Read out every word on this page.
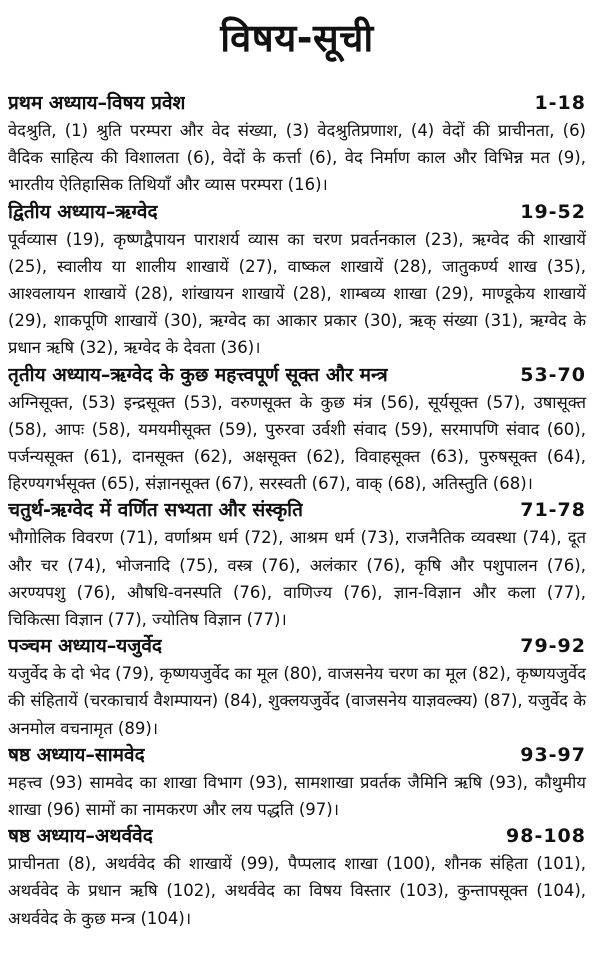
विषय-सूची
प्रथम अध्याय–विषय प्रवेश	1-18

वेदश्रुति, (1) श्रुति परम्परा और वेद संख्या, (3) वेदश्रुतिप्रणाश, (4) वेदों की प्राचीनता, (6) वैदिक साहित्य की विशालता (6), वेदों के कर्त्ता (6), वेद निर्माण काल और विभिन्न मत (9), भारतीय ऐतिहासिक तिथियाँ और व्यास परम्परा (16)।

द्वितीय अध्याय–ऋग्वेद	19-52

पूर्वव्यास (19), कृष्णद्वैपायन पाराशर्य व्यास का चरण प्रवर्तनकाल (23), ऋग्वेद की शाखायें (25), स्वालीय या शालीय शाखायें (27), वाष्कल शाखायें (28), जातुकर्ण्य शाख (35), आश्वलायन शाखायें (28), शांखायन शाखायें (28), शाम्बव्य शाखा (29), माण्डूकेय शाखायें (29), शाकपूणि शाखायें (30), ऋग्वेद का आकार प्रकार (30), ऋक् संख्या (31), ऋग्वेद के प्रधान ऋषि (32), ऋग्वेद के देवता (36)।

तृतीय अध्याय–ऋग्वेद के कुछ महत्त्वपूर्ण सूक्त और मन्त्र	53-70

अग्निसूक्त, (53) इन्द्रसूक्त (53), वरुणसूक्त के कुछ मंत्र (56), सूर्यसूक्त (57), उषासूक्त (58), आपः (58), यमयमीसूक्त (59), पुरुरवा उर्वशी संवाद (59), सरमापणि संवाद (60), पर्जन्यसूक्त (61), दानसूक्त (62), अक्षसूक्त (62), विवाहसूक्त (63), पुरुषसूक्त (64), हिरण्यगर्भसूक्त (65), संज्ञानसूक्त (67), सरस्वती (67), वाक् (68), अतिस्तुति (68)।

चतुर्थ-ऋग्वेद में वर्णित सभ्यता और संस्कृति	71-78

भौगोलिक विवरण (71), वर्णाश्रम धर्म (72), आश्रम धर्म (73), राजनैतिक व्यवस्था (74), दूत और चर (74), भोजनादि (75), वस्त्र (76), अलंकार (76), कृषि और पशुपालन (76), अरण्यपशु (76), औषधि-वनस्पति (76), वाणिज्य (76), ज्ञान-विज्ञान और कला (77), चिकित्सा विज्ञान (77), ज्योतिष विज्ञान (77)।

पञ्चम अध्याय–यजुर्वेद	79-92

यजुर्वेद के दो भेद (79), कृष्णयजुर्वेद का मूल (80), वाजसनेय चरण का मूल (82), कृष्णयजुर्वेद की संहितायें (चरकाचार्य वैशम्पायन) (84), शुक्लयजुर्वेद (वाजसनेय याज्ञवल्क्य) (87), यजुर्वेद के अनमोल वचनामृत (89)।

षष्ठ अध्याय–सामवेद	93-97

महत्त्व (93) सामवेद का शाखा विभाग (93), सामशाखा प्रवर्तक जैमिनि ऋषि (93), कौथुमीय शाखा (96) सामों का नामकरण और लय पद्धति (97)।

षष्ठ अध्याय–अथर्ववेद	98-108

प्राचीनता (8), अथर्ववेद की शाखायें (99), पैप्पलाद शाखा (100), शौनक संहिता (101), अथर्ववेद के प्रधान ऋषि (102), अथर्ववेद का विषय विस्तार (103), कुन्तापसूक्त (104), अथर्ववेद के कुछ मन्त्र (104)।
